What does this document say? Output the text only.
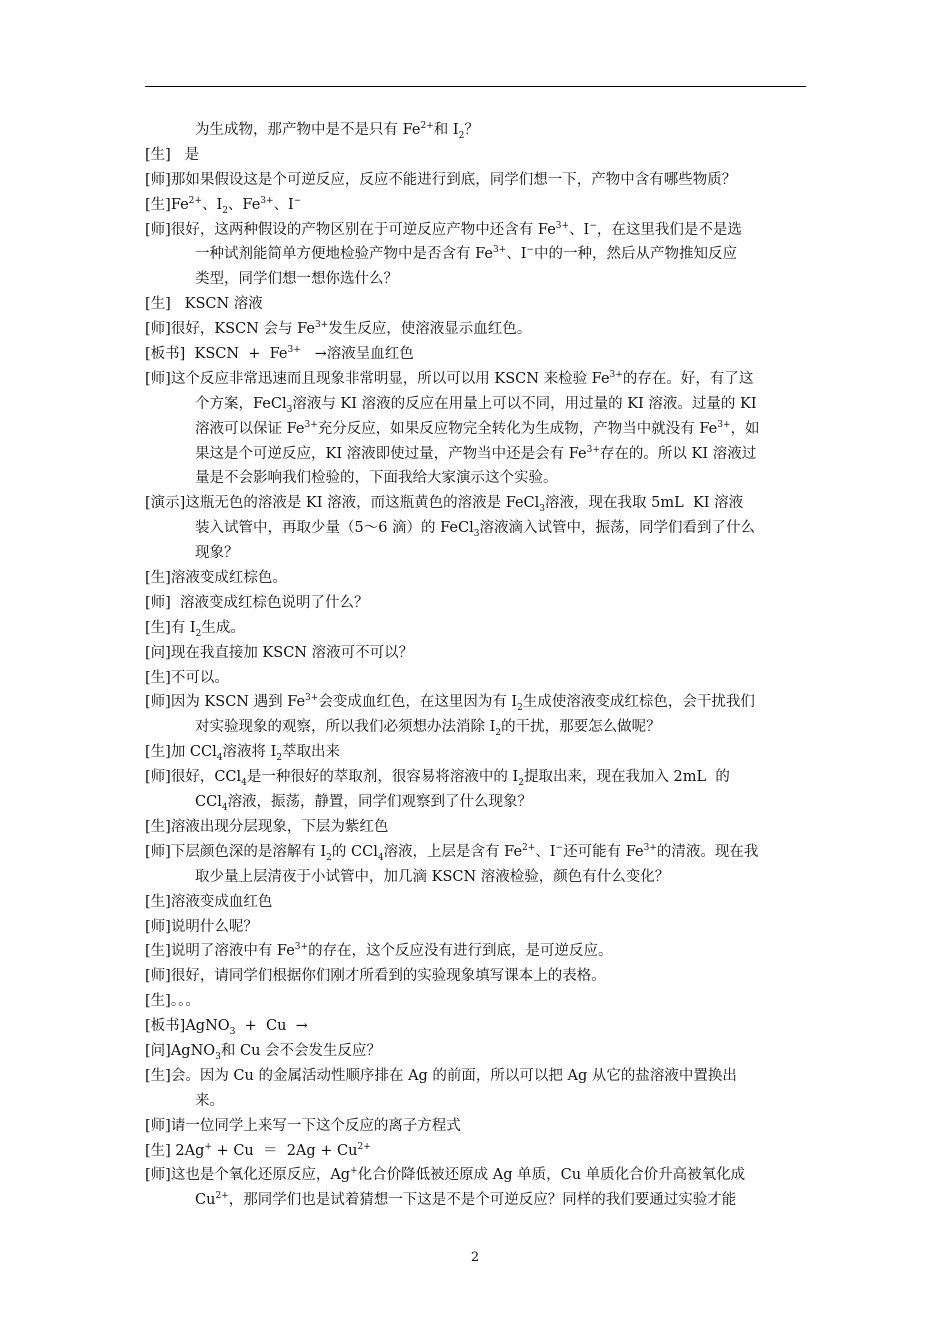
为生成物，那产物中是不是只有 $Fe^{2+}$和 $I_2$？
[生]   是
[师]那如果假设这是个可逆反应，反应不能进行到底，同学们想一下，产物中含有哪些物质？
[生]$Fe^{2+}$、$I_2$、$Fe^{3+}$、I−
[师]很好，这两种假设的产物区别在于可逆反应产物中还含有 $Fe^{3+}$、I−，在这里我们是不是选
一种试剂能简单方便地检验产物中是否含有 $Fe^{3+}$、I−中的一种，然后从产物推知反应
类型，同学们想一想你选什么？
[生]   KSCN 溶液
[师]很好，KSCN 会与 $Fe^{3+}$发生反应，使溶液显示血红色。
[板书]  KSCN  +  $Fe^{3+}$   →溶液呈血红色
[师]这个反应非常迅速而且现象非常明显，所以可以用 KSCN 来检验 $Fe^{3+}$的存在。好，有了这
个方案，FeCl$_3$溶液与 KI 溶液的反应在用量上可以不同，用过量的 KI 溶液。过量的 KI
溶液可以保证 $Fe^{3+}$充分反应，如果反应物完全转化为生成物，产物当中就没有 $Fe^{3+}$，如
果这是个可逆反应，KI 溶液即使过量，产物当中还是会有 $Fe^{3+}$存在的。所以 KI 溶液过
量是不会影响我们检验的，下面我给大家演示这个实验。
[演示]这瓶无色的溶液是 KI 溶液，而这瓶黄色的溶液是 FeCl$_3$溶液，现在我取 5mL  KI 溶液
装入试管中，再取少量（5～6 滴）的 FeCl$_3$溶液滴入试管中，振荡，同学们看到了什么
现象？
[生]溶液变成红棕色。
[师]  溶液变成红棕色说明了什么？
[生]有 $I_2$生成。
[问]现在我直接加 KSCN 溶液可不可以？
[生]不可以。
[师]因为 KSCN 遇到 $Fe^{3+}$会变成血红色，在这里因为有 $I_2$生成使溶液变成红棕色，会干扰我们
对实验现象的观察，所以我们必须想办法消除 $I_2$的干扰，那要怎么做呢？
[生]加 CCl$_4$溶液将 $I_2$萃取出来
[师]很好，CCl$_4$是一种很好的萃取剂，很容易将溶液中的 $I_2$提取出来，现在我加入 2mL  的
CCl$_4$溶液，振荡，静置，同学们观察到了什么现象？
[生]溶液出现分层现象，下层为紫红色
[师]下层颜色深的是溶解有 $I_2$的 CCl$_4$溶液，上层是含有 $Fe^{2+}$、I−还可能有 $Fe^{3+}$的清液。现在我
取少量上层清夜于小试管中，加几滴 KSCN 溶液检验，颜色有什么变化？
[生]溶液变成血红色
[师]说明什么呢？
[生]说明了溶液中有 $Fe^{3+}$的存在，这个反应没有进行到底，是可逆反应。
[师]很好，请同学们根据你们刚才所看到的实验现象填写课本上的表格。
[生]。。。
[板书]AgNO$_3$  +  Cu  →
[问]AgNO$_3$和 Cu 会不会发生反应？
[生]会。因为 Cu 的金属活动性顺序排在 Ag 的前面，所以可以把 Ag 从它的盐溶液中置换出
来。
[师]请一位同学上来写一下这个反应的离子方程式
[生] $2Ag^+ + Cu = 2Ag + Cu^{2+}$
[师]这也是个氧化还原反应，Ag+化合价降低被还原成 Ag 单质，Cu 单质化合价升高被氧化成
$Cu^{2+}$，那同学们也是试着猜想一下这是不是个可逆反应？同样的我们要通过实验才能
2
